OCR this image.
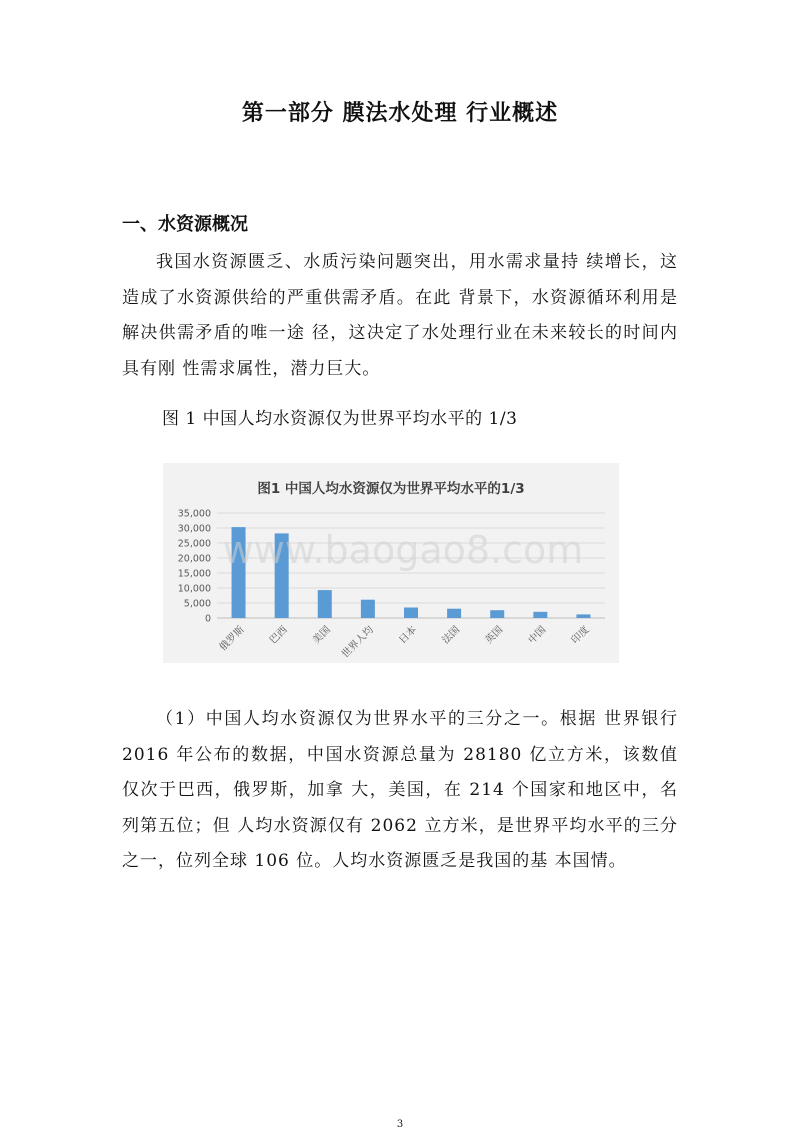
第一部分 膜法水处理 行业概述
一、水资源概况

我国水资源匮乏、水质污染问题突出，用水需求量持 续增长，这造成了水资源供给的严重供需矛盾。在此 背景下，水资源循环利用是解决供需矛盾的唯一途 径，这决定了水处理行业在未来较长的时间内具有刚 性需求属性，潜力巨大。

图 1 中国人均水资源仅为世界平均水平的 1/3

图1 中国人均水资源仅为世界平均水平的1/3
0
5,000
10,000
15,000
20,000
25,000
30,000
35,000
俄罗斯 巴西 美国 世界人均 日本 法国 英国 中国 印度
www.baogao8.com

（1）中国人均水资源仅为世界水平的三分之一。根据 世界银行 2016 年公布的数据，中国水资源总量为 28180 亿立方米，该数值仅次于巴西，俄罗斯，加拿 大，美国，在 214 个国家和地区中，名列第五位；但 人均水资源仅有 2062 立方米，是世界平均水平的三分 之一，位列全球 106 位。人均水资源匮乏是我国的基 本国情。

3
